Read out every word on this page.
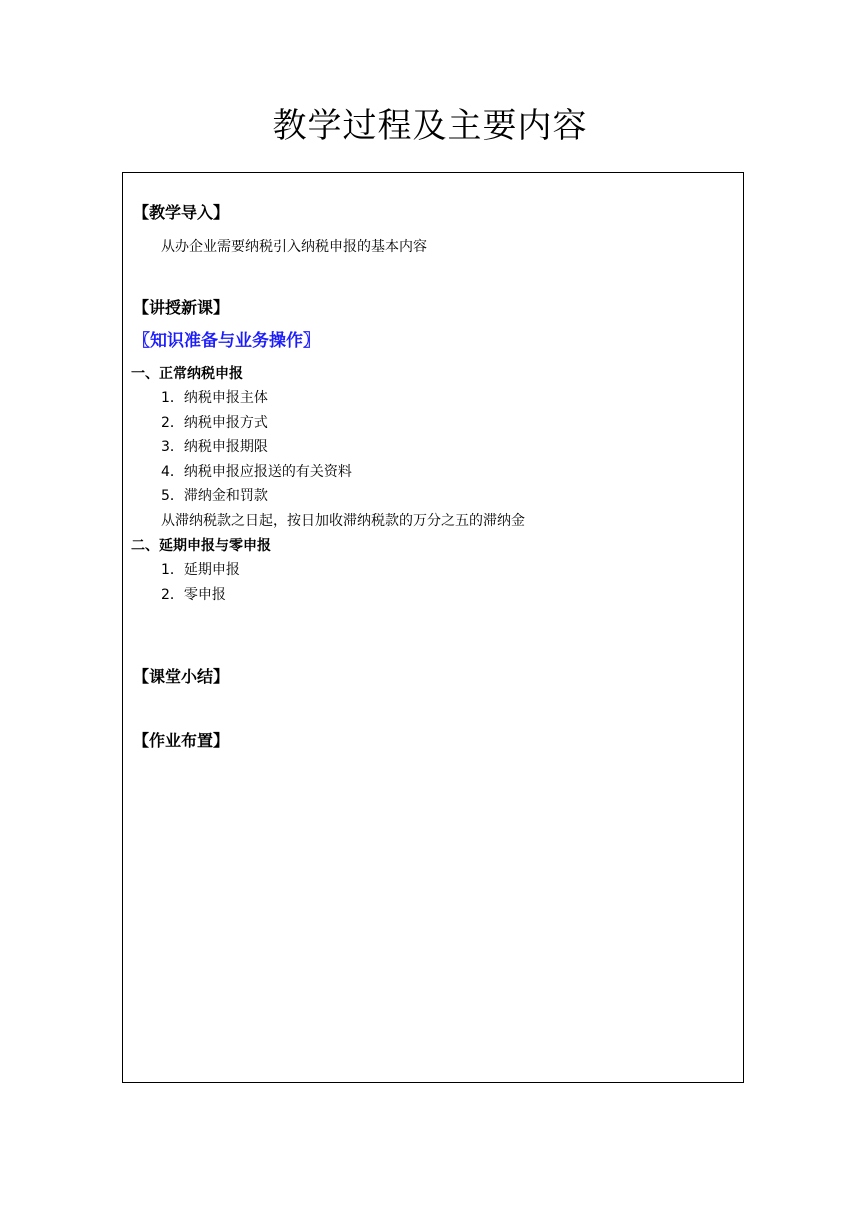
教学过程及主要内容
【教学导入】
从办企业需要纳税引入纳税申报的基本内容
【讲授新课】
〖知识准备与业务操作〗
一、正常纳税申报
1．纳税申报主体
2．纳税申报方式
3．纳税申报期限
4．纳税申报应报送的有关资料
5．滞纳金和罚款
从滞纳税款之日起，按日加收滞纳税款的万分之五的滞纳金
二、延期申报与零申报
1．延期申报
2．零申报
【课堂小结】
【作业布置】
